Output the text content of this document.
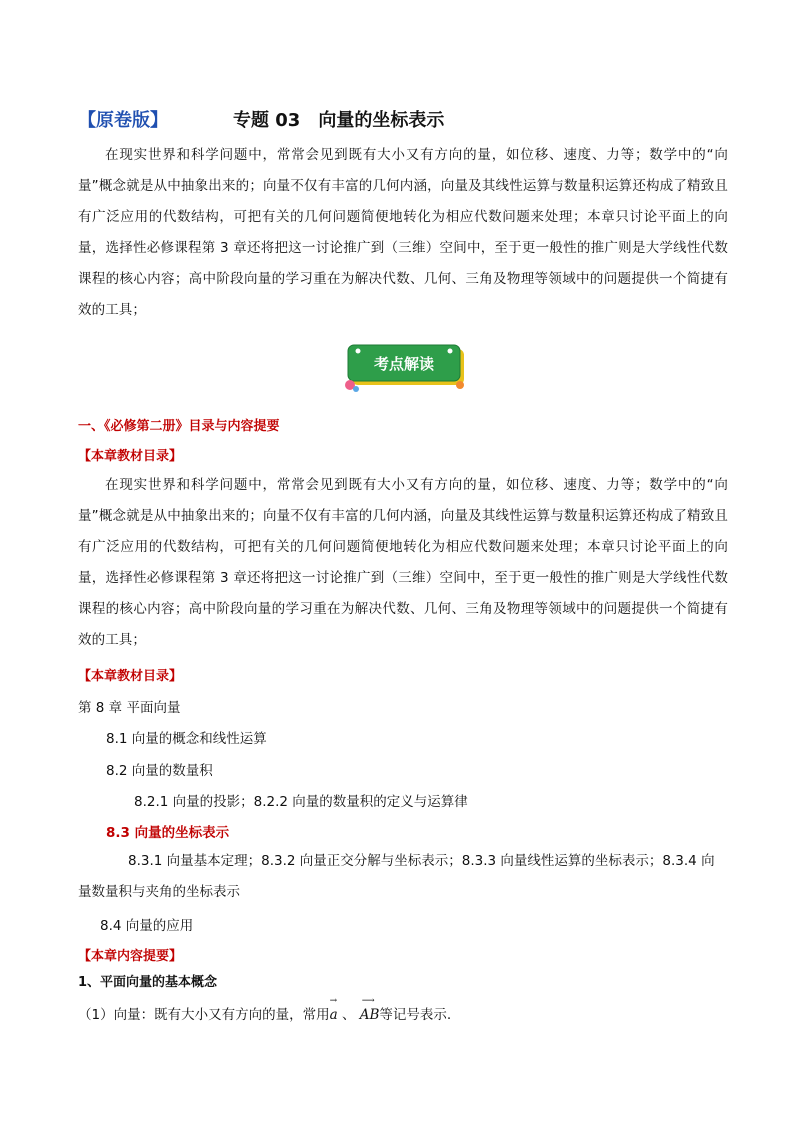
【原卷版】	专题 03　向量的坐标表示
在现实世界和科学问题中，常常会见到既有大小又有方向的量，如位移、速度、力等；数学中的“向量”概念就是从中抽象出来的；向量不仅有丰富的几何内涵，向量及其线性运算与数量积运算还构成了精致且有广泛应用的代数结构，可把有关的几何问题简便地转化为相应代数问题来处理；本章只讨论平面上的向量，选择性必修课程第 3 章还将把这一讨论推广到（三维）空间中，至于更一般性的推广则是大学线性代数课程的核心内容；高中阶段向量的学习重在为解决代数、几何、三角及物理等领域中的问题提供一个简捷有效的工具；
考点解读
一、《必修第二册》目录与内容提要
【本章教材目录】
在现实世界和科学问题中，常常会见到既有大小又有方向的量，如位移、速度、力等；数学中的“向量”概念就是从中抽象出来的；向量不仅有丰富的几何内涵，向量及其线性运算与数量积运算还构成了精致且有广泛应用的代数结构，可把有关的几何问题简便地转化为相应代数问题来处理；本章只讨论平面上的向量，选择性必修课程第 3 章还将把这一讨论推广到（三维）空间中，至于更一般性的推广则是大学线性代数课程的核心内容；高中阶段向量的学习重在为解决代数、几何、三角及物理等领域中的问题提供一个简捷有效的工具；
【本章教材目录】
第 8 章 平面向量
8.1 向量的概念和线性运算
8.2 向量的数量积
8.2.1 向量的投影；8.2.2 向量的数量积的定义与运算律
8.3 向量的坐标表示
8.3.1 向量基本定理；8.3.2 向量正交分解与坐标表示；8.3.3 向量线性运算的坐标表示；8.3.4 向量数量积与夹角的坐标表示
8.4 向量的应用
【本章内容提要】
1、平面向量的基本概念
（1）向量：既有大小又有方向的量，常用
→
a 、
⟶
AB等记号表示.
